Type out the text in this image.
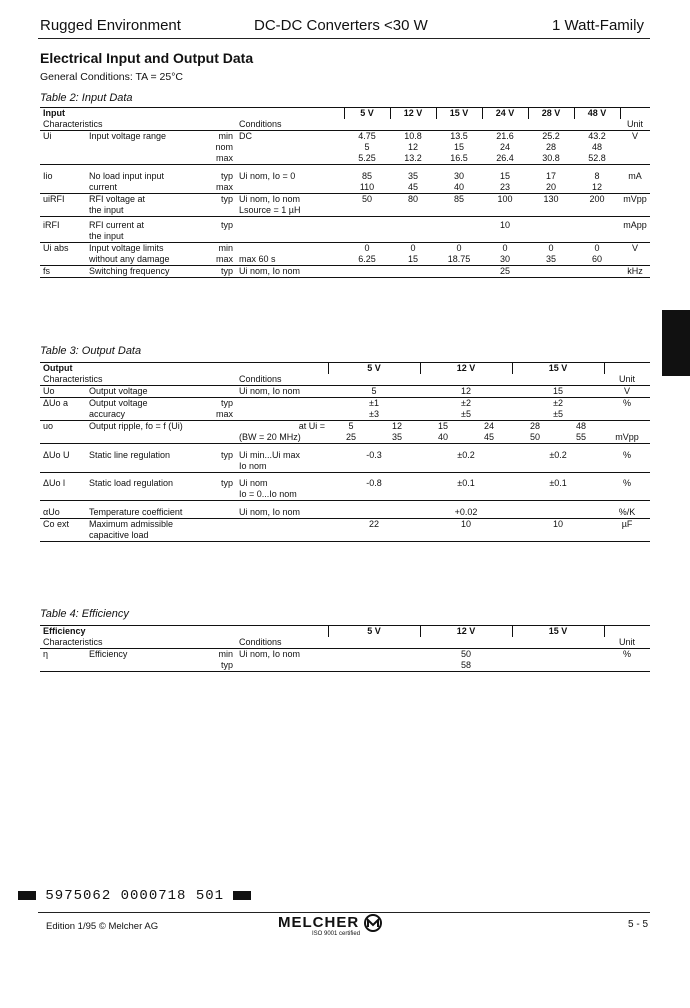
Rugged Environment	DC-DC Converters <30 W	1 Watt-Family
Electrical Input and Output Data
General Conditions: TA = 25°C
Table 2: Input Data
Input				5 V	12 V	15 V	24 V	28 V	48 V	
Characteristics			Conditions							Unit
Ui	Input voltage range	min	DC	4.75	10.8	13.5	21.6	25.2	43.2	V
		nom		5	12	15	24	28	48	
		max		5.25	13.2	16.5	26.4	30.8	52.8	

Iio	No load input input	typ	Ui nom, Io = 0	85	35	30	15	17	8	mA
	current	max		110	45	40	23	20	12	
uiRFI	RFI voltage at	typ	Ui nom, Io nom	50	80	85	100	130	200	mVpp
	the input		Lsource = 1 µH							

iRFI	RFI current at	typ					10			mApp
	the input									
Ui abs	Input voltage limits	min		0	0	0	0	0	0	V
	without any damage	max	max 60 s	6.25	15	18.75	30	35	60	
fs	Switching frequency	typ	Ui nom, Io nom				25			kHz
Table 3: Output Data
Output				5 V		12 V		15 V		
Characteristics			Conditions							Unit
Uo	Output voltage		Ui nom, Io nom	5		12		15		V
ΔUo a	Output voltage	typ		±1		±2		±2		%
	accuracy	max		±3		±5		±5		
uo	Output ripple, fo = f (Ui)		at Ui =	5	12	15	24	28	48	
			(BW = 20 MHz)	25	35	40	45	50	55	mVpp

ΔUo U	Static line regulation	typ	Ui min...Ui max	-0.3		±0.2		±0.2		%
			Io nom							

ΔUo l	Static load regulation	typ	Ui nom	-0.8		±0.1		±0.1		%
			Io = 0...Io nom							

αUo	Temperature coefficient		Ui nom, Io nom	+0.02						%/K
Co ext	Maximum admissible			22		10		10		µF
	capacitive load									
Table 4: Efficiency
Efficiency				5 V	12 V	15 V	
Characteristics			Conditions				Unit
η	Efficiency	min	Ui nom, Io nom		50		%
		typ			58		
5975062 0000718 501
Edition 1/95 © Melcher AG	MELCHER
ISO 9001 certified
5 - 5
